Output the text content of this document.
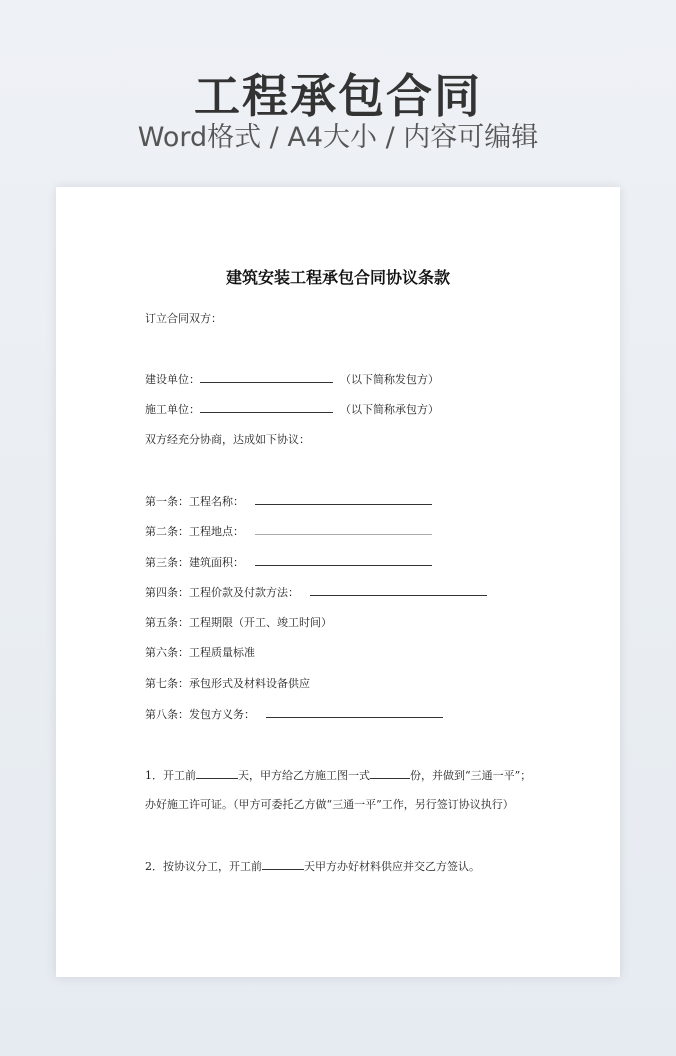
工程承包合同
Word格式 / A4大小 / 内容可编辑
建筑安装工程承包合同协议条款
订立合同双方：
建设单位：	（以下简称发包方）
施工单位：	（以下简称承包方）
双方经充分协商，达成如下协议：
第一条：工程名称：
第二条：工程地点：
第三条：建筑面积：
第四条：工程价款及付款方法：
第五条：工程期限（开工、竣工时间）
第六条：工程质量标准
第七条：承包形式及材料设备供应
第八条：发包方义务：
1．开工前	天，甲方给乙方施工图一式	份，并做到“三通一平”；
办好施工许可证。（甲方可委托乙方做“三通一平”工作，另行签订协议执行）
2．按协议分工，开工前	天甲方办好材料供应并交乙方签认。
